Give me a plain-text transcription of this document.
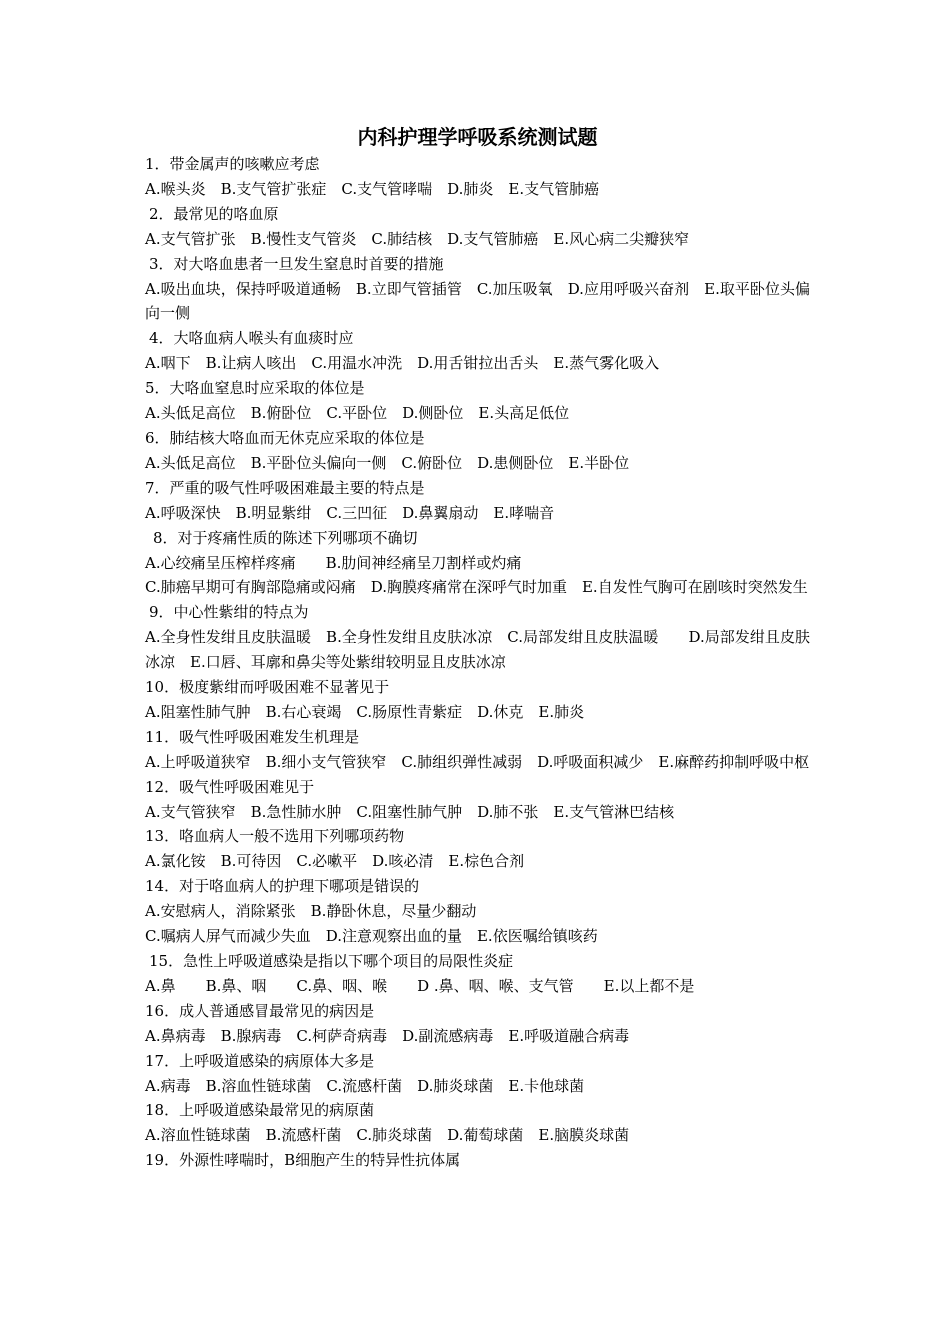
内科护理学呼吸系统测试题

1．带金属声的咳嗽应考虑

A.喉头炎　B.支气管扩张症　C.支气管哮喘　D.肺炎　E.支气管肺癌

2．最常见的咯血原

A.支气管扩张　B.慢性支气管炎　C.肺结核　D.支气管肺癌　E.风心病二尖瓣狭窄

3．对大咯血患者一旦发生窒息时首要的措施

A.吸出血块，保持呼吸道通畅　B.立即气管插管　C.加压吸氧　D.应用呼吸兴奋剂　E.取平卧位头偏向一侧

4．大咯血病人喉头有血痰时应

A.咽下　B.让病人咳出　C.用温水冲洗　D.用舌钳拉出舌头　E.蒸气雾化吸入

5．大咯血窒息时应采取的体位是

A.头低足高位　B.俯卧位　C.平卧位　D.侧卧位　E.头高足低位

6．肺结核大咯血而无休克应采取的体位是

A.头低足高位　B.平卧位头偏向一侧　C.俯卧位　D.患侧卧位　E.半卧位

7．严重的吸气性呼吸困难最主要的特点是

A.呼吸深快　B.明显紫绀　C.三凹征　D.鼻翼扇动　E.哮喘音

8．对于疼痛性质的陈述下列哪项不确切

A.心绞痛呈压榨样疼痛　　B.肋间神经痛呈刀割样或灼痛

C.肺癌早期可有胸部隐痛或闷痛　D.胸膜疼痛常在深呼气时加重　E.自发性气胸可在剧咳时突然发生

9．中心性紫绀的特点为

A.全身性发绀且皮肤温暖　B.全身性发绀且皮肤冰凉　C.局部发绀且皮肤温暖　　D.局部发绀且皮肤冰凉　E.口唇、耳廓和鼻尖等处紫绀较明显且皮肤冰凉

10．极度紫绀而呼吸困难不显著见于

A.阻塞性肺气肿　B.右心衰竭　C.肠原性青紫症　D.休克　E.肺炎

11．吸气性呼吸困难发生机理是

A.上呼吸道狭窄　B.细小支气管狭窄　C.肺组织弹性减弱　D.呼吸面积减少　E.麻醉药抑制呼吸中枢

12．吸气性呼吸困难见于

A.支气管狭窄　B.急性肺水肿　C.阻塞性肺气肿　D.肺不张　E.支气管淋巴结核

13．咯血病人一般不选用下列哪项药物

A.氯化铵　B.可待因　C.必嗽平　D.咳必清　E.棕色合剂

14．对于咯血病人的护理下哪项是错误的

A.安慰病人，消除紧张　B.静卧休息，尽量少翻动

C.嘱病人屏气而减少失血　D.注意观察出血的量　E.依医嘱给镇咳药

15．急性上呼吸道感染是指以下哪个项目的局限性炎症

A.鼻　　B.鼻、咽　　C.鼻、咽、喉　　D .鼻、咽、喉、支气管　　E.以上都不是

16．成人普通感冒最常见的病因是

A.鼻病毒　B.腺病毒　C.柯萨奇病毒　D.副流感病毒　E.呼吸道融合病毒

17．上呼吸道感染的病原体大多是

A.病毒　B.溶血性链球菌　C.流感杆菌　D.肺炎球菌　E.卡他球菌

18．上呼吸道感染最常见的病原菌

A.溶血性链球菌　B.流感杆菌　C.肺炎球菌　D.葡萄球菌　E.脑膜炎球菌

19．外源性哮喘时，B细胞产生的特异性抗体属
